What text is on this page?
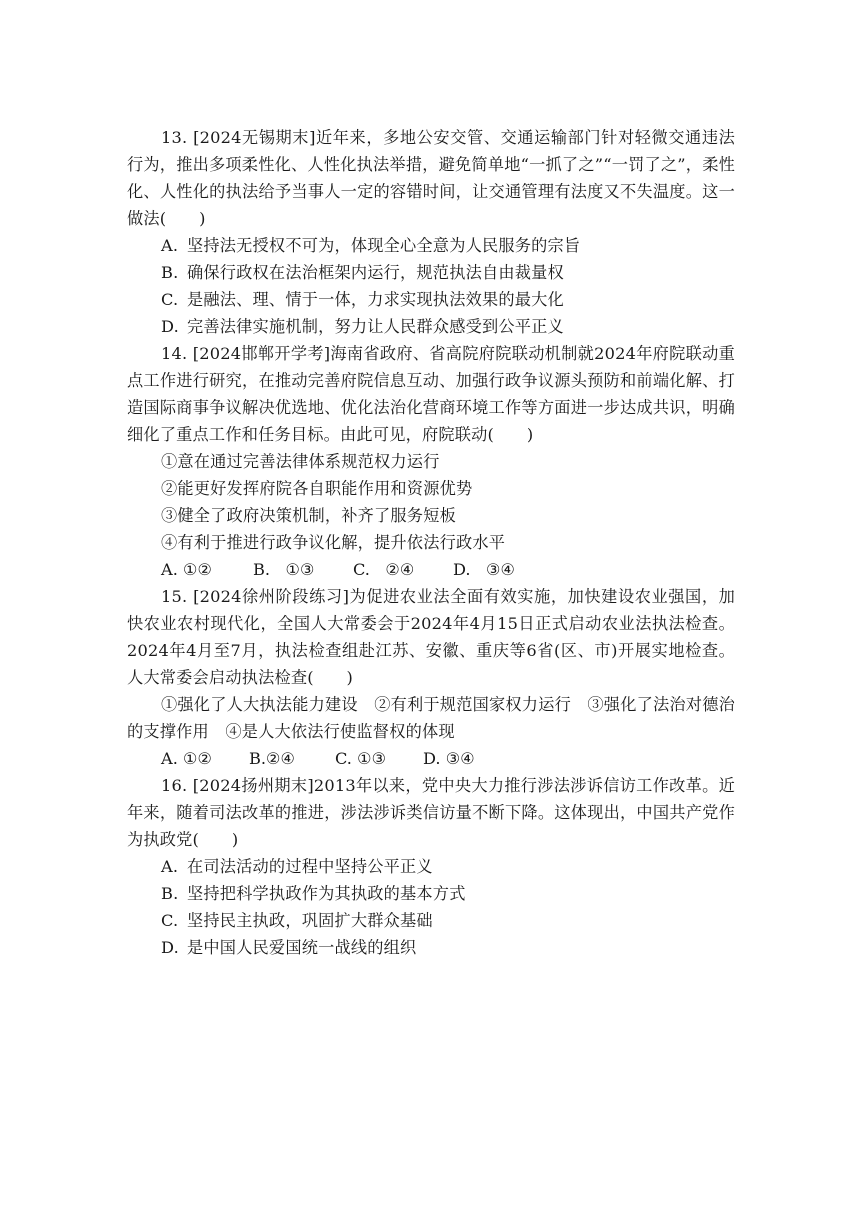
13. [2024无锡期末]近年来，多地公安交管、交通运输部门针对轻微交通违法行为，推出多项柔性化、人性化执法举措，避免简单地“一抓了之”“一罚了之”，柔性化、人性化的执法给予当事人一定的容错时间，让交通管理有法度又不失温度。这一做法(　　)

A. 坚持法无授权不可为，体现全心全意为人民服务的宗旨

B. 确保行政权在法治框架内运行，规范执法自由裁量权

C. 是融法、理、情于一体，力求实现执法效果的最大化

D. 完善法律实施机制，努力让人民群众感受到公平正义

14. [2024邯郸开学考]海南省政府、省高院府院联动机制就2024年府院联动重点工作进行研究，在推动完善府院信息互动、加强行政争议源头预防和前端化解、打造国际商事争议解决优选地、优化法治化营商环境工作等方面进一步达成共识，明确细化了重点工作和任务目标。由此可见，府院联动(　　)

①意在通过完善法律体系规范权力运行

②能更好发挥府院各自职能作用和资源优势

③健全了政府决策机制，补齐了服务短板

④有利于推进行政争议化解，提升依法行政水平

A. ①②	B. ①③ C. ②④ D. ③④

15. [2024徐州阶段练习]为促进农业法全面有效实施，加快建设农业强国，加快农业农村现代化，全国人大常委会于2024年4月15日正式启动农业法执法检查。2024年4月至7月，执法检查组赴江苏、安徽、重庆等6省(区、市)开展实地检查。人大常委会启动执法检查(　　)

①强化了人大执法能力建设　②有利于规范国家权力运行　③强化了法治对德治的支撑作用　④是人大依法行使监督权的体现

A. ①② B.②④ C. ①③ D. ③④

16. [2024扬州期末]2013年以来，党中央大力推行涉法涉诉信访工作改革。近年来，随着司法改革的推进，涉法涉诉类信访量不断下降。这体现出，中国共产党作为执政党(　　)

A. 在司法活动的过程中坚持公平正义

B. 坚持把科学执政作为其执政的基本方式

C. 坚持民主执政，巩固扩大群众基础

D. 是中国人民爱国统一战线的组织
